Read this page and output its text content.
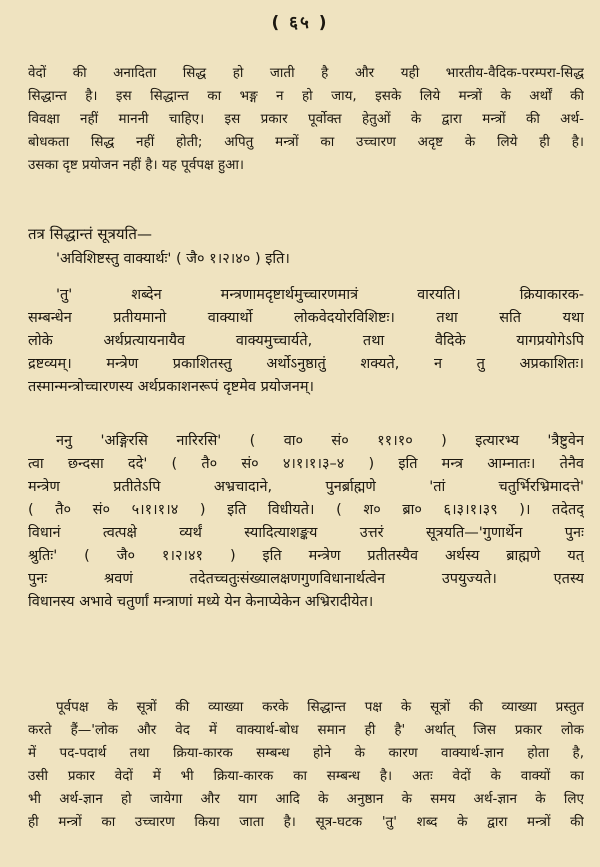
( ६५ )
वेदों की अनादिता सिद्ध हो जाती है और यही भारतीय-वैदिक-परम्परा-सिद्ध
सिद्धान्त है। इस सिद्धान्त का भङ्ग न हो जाय, इसके लिये मन्त्रों के अर्थों की
विवक्षा नहीं माननी चाहिए। इस प्रकार पूर्वोक्त हेतुओं के द्वारा मन्त्रों की अर्थ-
बोधकता सिद्ध नहीं होती; अपितु मन्त्रों का उच्चारण अदृष्ट के लिये ही है।
उसका दृष्ट प्रयोजन नहीं है। यह पूर्वपक्ष हुआ।
तत्र सिद्धान्तं सूत्रयति—
'अविशिष्टस्तु वाक्यार्थः' ( जै० १।२।४० ) इति।
'तु' शब्देन मन्त्रणामदृष्टार्थमुच्चारणमात्रं वारयति। क्रियाकारक-
सम्बन्धेन प्रतीयमानो वाक्यार्थो लोकवेदयोरविशिष्टः। तथा सति यथा
लोके अर्थप्रत्यायनायैव वाक्यमुच्चार्यते, तथा वैदिके यागप्रयोगेऽपि
द्रष्टव्यम्। मन्त्रेण प्रकाशितस्तु अर्थोऽनुष्ठातुं शक्यते, न तु अप्रकाशितः।
तस्मान्मन्त्रोच्चारणस्य अर्थप्रकाशनरूपं दृष्टमेव प्रयोजनम्।
ननु 'अङ्गिरसि नारिरसि' ( वा० सं० ११।१० ) इत्यारभ्य 'त्रैष्टुवेन
त्वा छन्दसा ददे' ( तै० सं० ४।१।१।३–४ ) इति मन्त्र आम्नातः। तेनैव
मन्त्रेण प्रतीतेऽपि अभ्रचादाने, पुनर्ब्राह्मणे 'तां चतुर्भिरभ्रिमादत्ते'
( तै० सं० ५।१।१।४ ) इति विधीयते। ( श० ब्रा० ६।३।१।३९ )। तदेतद्
विधानं त्वत्पक्षे व्यर्थं स्यादित्याशङ्कय उत्तरं सूत्रयति—'गुणार्थेन पुनः
श्रुतिः' ( जै० १।२।४१ ) इति मन्त्रेण प्रतीतस्यैव अर्थस्य ब्राह्मणे यत्
पुनः श्रवणं तदेतच्चतुःसंख्यालक्षणगुणविधानार्थत्वेन उपयुज्यते। एतस्य
विधानस्य अभावे चतुर्णां मन्त्राणां मध्ये येन केनाप्येकेन अभ्रिरादीयेत।
पूर्वपक्ष के सूत्रों की व्याख्या करके सिद्धान्त पक्ष के सूत्रों की व्याख्या प्रस्तुत
करते हैं—'लोक और वेद में वाक्यार्थ-बोध समान ही है' अर्थात् जिस प्रकार लोक
में पद-पदार्थ तथा क्रिया-कारक सम्बन्ध होने के कारण वाक्यार्थ-ज्ञान होता है,
उसी प्रकार वेदों में भी क्रिया-कारक का सम्बन्ध है। अतः वेदों के वाक्यों का
भी अर्थ-ज्ञान हो जायेगा और याग आदि के अनुष्ठान के समय अर्थ-ज्ञान के लिए
ही मन्त्रों का उच्चारण किया जाता है। सूत्र-घटक 'तु' शब्द के द्वारा मन्त्रों की
